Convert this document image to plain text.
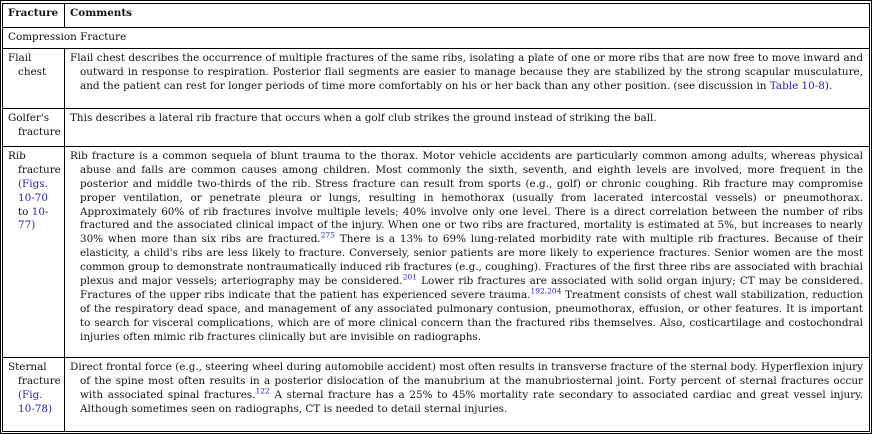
Fracture	Comments
Compression Fracture	

Flail chest	Flail chest describes the occurrence of multiple fractures of the same ribs, isolating a plate of one or more ribs that are now free to move inward and outward in response to respiration. Posterior flail segments are easier to manage because they are stabilized by the strong scapular musculature, and the patient can rest for longer periods of time more comfortably on his or her back than any other position. (see discussion in Table 10-8).

Golfer's fracture	This describes a lateral rib fracture that occurs when a golf club strikes the ground instead of striking the ball.

Rib fracture (Figs. 10-70 to 10-77)	Rib fracture is a common sequela of blunt trauma to the thorax. Motor vehicle accidents are particularly common among adults, whereas physical abuse and falls are common causes among children. Most commonly the sixth, seventh, and eighth levels are involved, more frequent in the posterior and middle two-thirds of the rib. Stress fracture can result from sports (e.g., golf) or chronic coughing. Rib fracture may compromise proper ventilation, or penetrate pleura or lungs, resulting in hemothorax (usually from lacerated intercostal vessels) or pneumothorax. Approximately 60% of rib fractures involve multiple levels; 40% involve only one level. There is a direct correlation between the number of ribs fractured and the associated clinical impact of the injury. When one or two ribs are fractured, mortality is estimated at 5%, but increases to nearly 30% when more than six ribs are fractured.$^{275}$ There is a 13% to 69% lung-related morbidity rate with multiple rib fractures. Because of their elasticity, a child's ribs are less likely to fracture. Conversely, senior patients are more likely to experience fractures. Senior women are the most common group to demonstrate nontraumatically induced rib fractures (e.g., coughing). Fractures of the first three ribs are associated with brachial plexus and major vessels; arteriography may be considered.$^{201}$ Lower rib fractures are associated with solid organ injury; CT may be considered. Fractures of the upper ribs indicate that the patient has experienced severe trauma.$^{192,204}$ Treatment consists of chest wall stabilization, reduction of the respiratory dead space, and management of any associated pulmonary contusion, pneumothorax, effusion, or other features. It is important to search for visceral complications, which are of more clinical concern than the fractured ribs themselves. Also, costicartilage and costochondral injuries often mimic rib fractures clinically but are invisible on radiographs.

Sternal fracture (Fig. 10-78)	Direct frontal force (e.g., steering wheel during automobile accident) most often results in transverse fracture of the sternal body. Hyperflexion injury of the spine most often results in a posterior dislocation of the manubrium at the manubriosternal joint. Forty percent of sternal fractures occur with associated spinal fractures.$^{122}$ A sternal fracture has a 25% to 45% mortality rate secondary to associated cardiac and great vessel injury. Although sometimes seen on radiographs, CT is needed to detail sternal injuries.
